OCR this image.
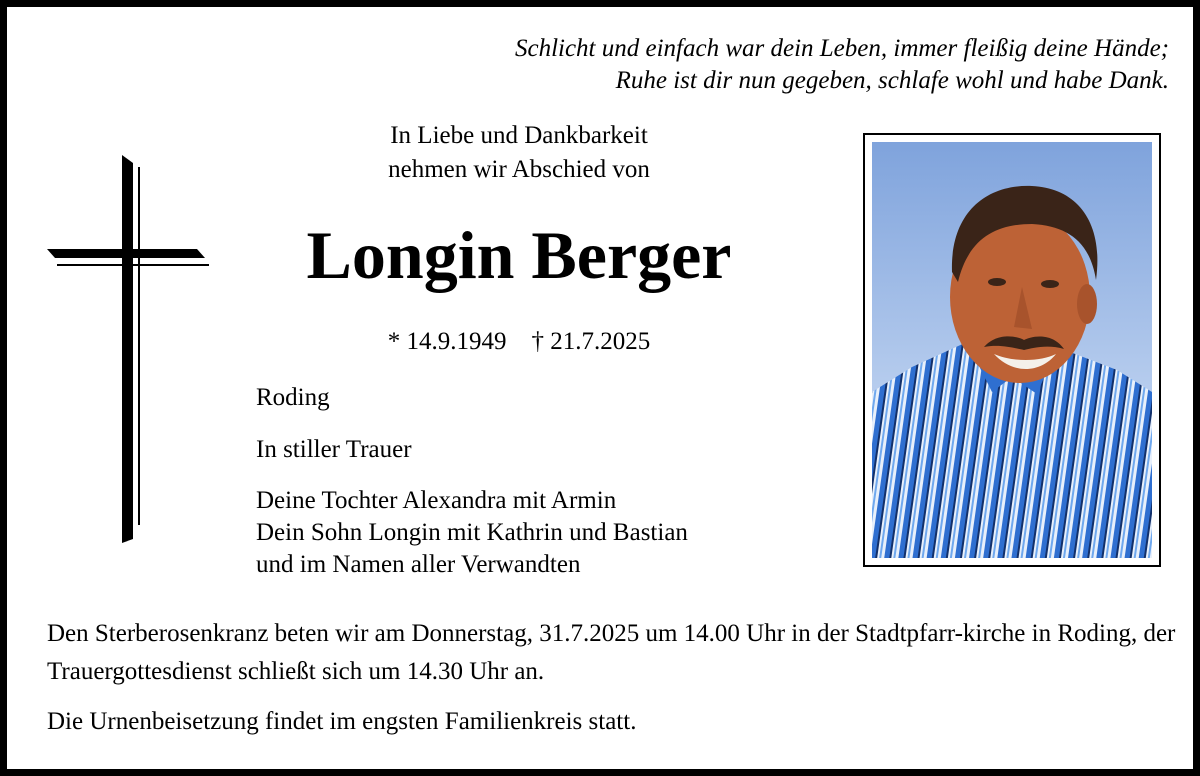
Schlicht und einfach war dein Leben, immer fleißig deine Hände;
Ruhe ist dir nun gegeben, schlafe wohl und habe Dank.
In Liebe und Dankbarkeit
nehmen wir Abschied von
Longin Berger
* 14.9.1949 † 21.7.2025
Roding
In stiller Trauer
Deine Tochter Alexandra mit Armin
Dein Sohn Longin mit Kathrin und Bastian
und im Namen aller Verwandten

Den Sterberosenkranz beten wir am Donnerstag, 31.7.2025 um 14.00 Uhr in der Stadtpfarr-kirche in Roding, der Trauergottesdienst schließt sich um 14.30 Uhr an.

Die Urnenbeisetzung findet im engsten Familienkreis statt.
